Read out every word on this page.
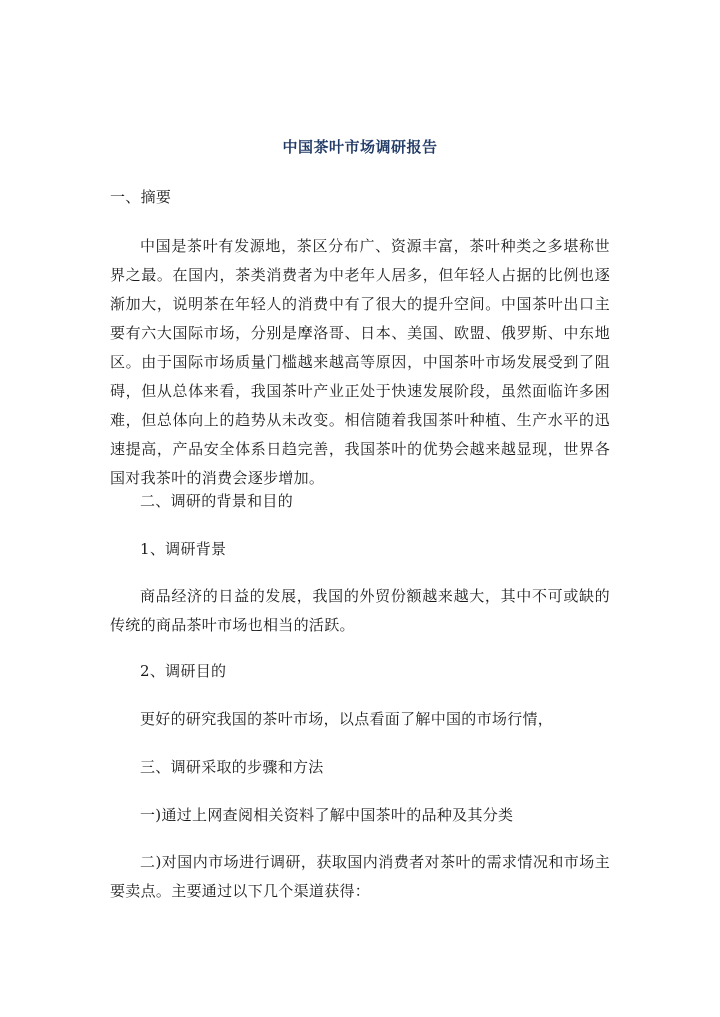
中国茶叶市场调研报告
一、摘要
中国是茶叶有发源地，茶区分布广、资源丰富，茶叶种类之多堪称世界之最。在国内，茶类消费者为中老年人居多，但年轻人占据的比例也逐渐加大，说明茶在年轻人的消费中有了很大的提升空间。中国茶叶出口主要有六大国际市场，分别是摩洛哥、日本、美国、欧盟、俄罗斯、中东地区。由于国际市场质量门槛越来越高等原因，中国茶叶市场发展受到了阻碍，但从总体来看，我国茶叶产业正处于快速发展阶段，虽然面临许多困难，但总体向上的趋势从未改变。相信随着我国茶叶种植、生产水平的迅速提高，产品安全体系日趋完善，我国茶叶的优势会越来越显现，世界各国对我茶叶的消费会逐步增加。
二、调研的背景和目的
1、调研背景
商品经济的日益的发展，我国的外贸份额越来越大，其中不可或缺的传统的商品茶叶市场也相当的活跃。
2、调研目的
更好的研究我国的茶叶市场，以点看面了解中国的市场行情，
三、调研采取的步骤和方法
一)通过上网查阅相关资料了解中国茶叶的品种及其分类
二)对国内市场进行调研，获取国内消费者对茶叶的需求情况和市场主要卖点。主要通过以下几个渠道获得：
